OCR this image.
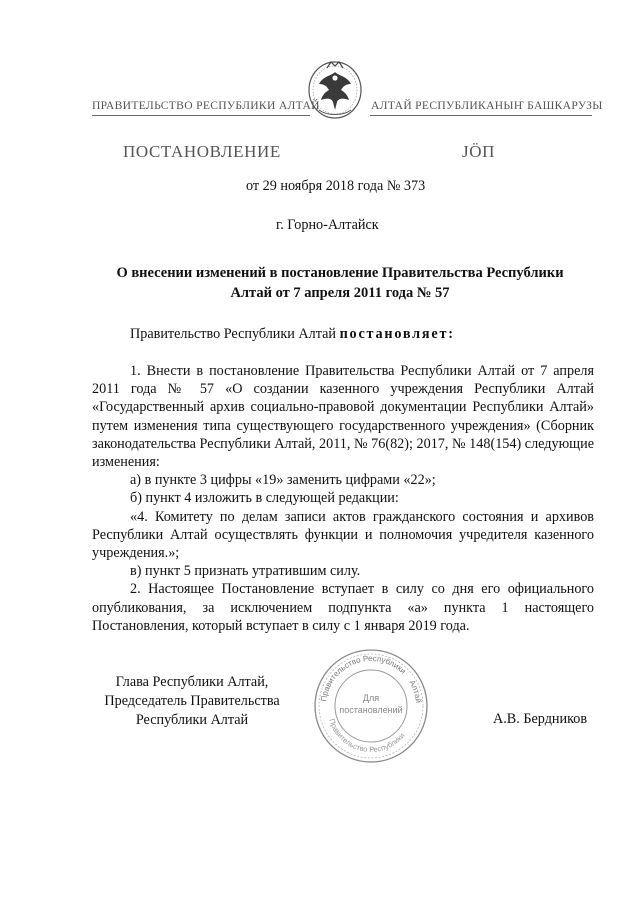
ПРАВИТЕЛЬСТВО РЕСПУБЛИКИ АЛТАЙ	АЛТАЙ РЕСПУБЛИКАНЫҤ БАШКАРУЗЫ
ПОСТАНОВЛЕНИЕ	ЈӦП
от 29 ноября 2018 года № 373
г. Горно-Алтайск
О внесении изменений в постановление Правительства Республики
Алтай от 7 апреля 2011 года № 57
Правительство Республики Алтай постановляет:
1. Внести в постановление Правительства Республики Алтай от 7 апреля 2011 года № 57 «О создании казенного учреждения Республики Алтай «Государственный архив социально-правовой документации Республики Алтай» путем изменения типа существующего государственного учреждения» (Сборник законодательства Республики Алтай, 2011, № 76(82); 2017, № 148(154) следующие изменения:
а) в пункте 3 цифры «19» заменить цифрами «22»;
б) пункт 4 изложить в следующей редакции:
«4. Комитету по делам записи актов гражданского состояния и архивов Республики Алтай осуществлять функции и полномочия учредителя казенного учреждения.»;
в) пункт 5 признать утратившим силу.
2. Настоящее Постановление вступает в силу со дня его официального опубликования, за исключением подпункта «а» пункта 1 настоящего Постановления, который вступает в силу с 1 января 2019 года.
Глава Республики Алтай,
Председатель Правительства
Республики Алтай	А.В. Бердников
Правительство Республики
Алтай
Правительство Республики
Для
постановлений
